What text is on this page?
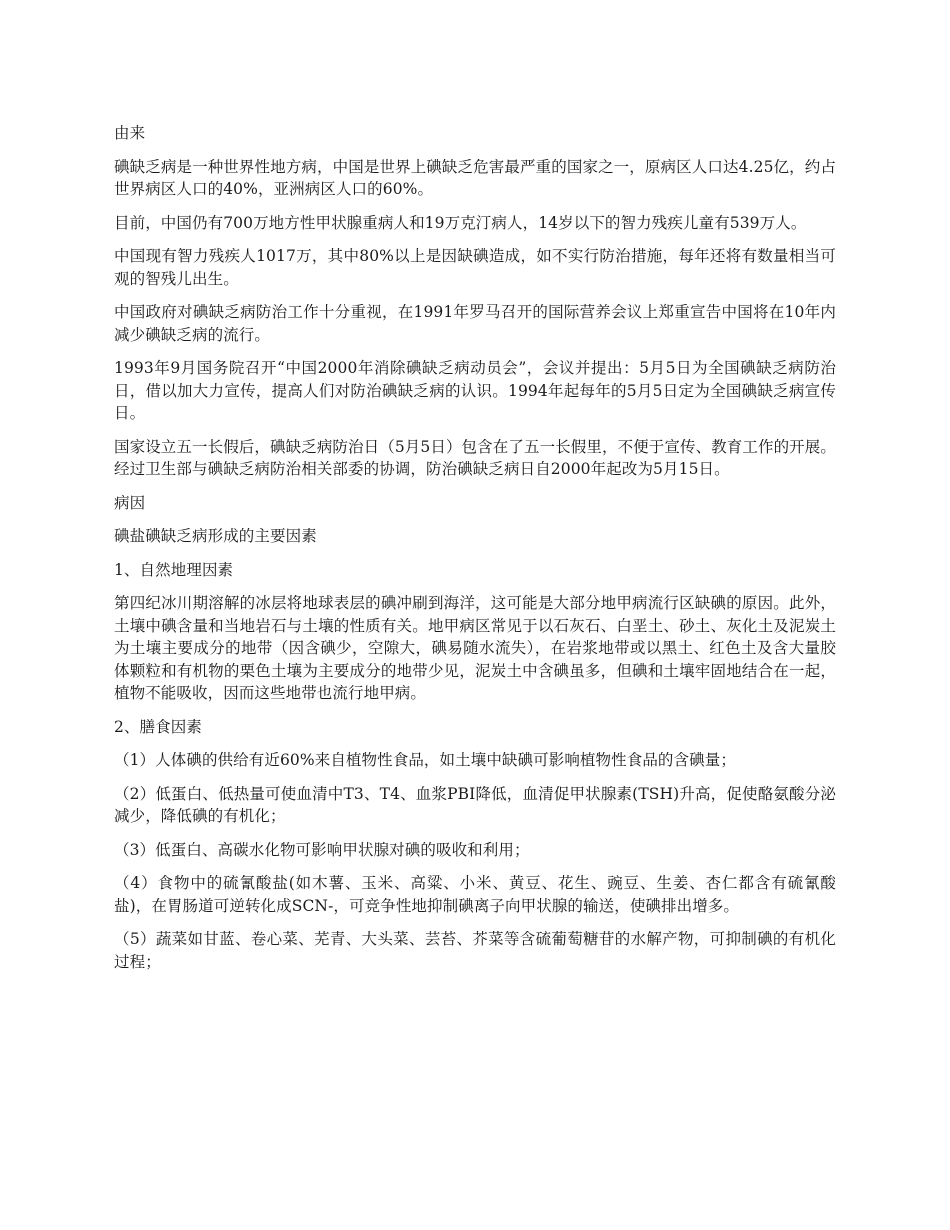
由来

碘缺乏病是一种世界性地方病，中国是世界上碘缺乏危害最严重的国家之一，原病区人口达4.25亿，约占世界病区人口的40%，亚洲病区人口的60%。

目前，中国仍有700万地方性甲状腺重病人和19万克汀病人，14岁以下的智力残疾儿童有539万人。

中国现有智力残疾人1017万，其中80%以上是因缺碘造成，如不实行防治措施，每年还将有数量相当可观的智残儿出生。

中国政府对碘缺乏病防治工作十分重视，在1991年罗马召开的国际营养会议上郑重宣告中国将在10年内减少碘缺乏病的流行。

1993年9月国务院召开“中国2000年消除碘缺乏病动员会”，会议并提出：5月5日为全国碘缺乏病防治日，借以加大力宣传，提高人们对防治碘缺乏病的认识。1994年起每年的5月5日定为全国碘缺乏病宣传日。

国家设立五一长假后，碘缺乏病防治日（5月5日）包含在了五一长假里，不便于宣传、教育工作的开展。经过卫生部与碘缺乏病防治相关部委的协调，防治碘缺乏病日自2000年起改为5月15日。

病因

碘盐碘缺乏病形成的主要因素

1、自然地理因素

第四纪冰川期溶解的冰层将地球表层的碘冲刷到海洋，这可能是大部分地甲病流行区缺碘的原因。此外，土壤中碘含量和当地岩石与土壤的性质有关。地甲病区常见于以石灰石、白垩土、砂土、灰化土及泥炭土为土壤主要成分的地带（因含碘少，空隙大，碘易随水流失），在岩浆地带或以黑土、红色土及含大量胶体颗粒和有机物的栗色土壤为主要成分的地带少见，泥炭土中含碘虽多，但碘和土壤牢固地结合在一起，植物不能吸收，因而这些地带也流行地甲病。

2、膳食因素

（1）人体碘的供给有近60%来自植物性食品，如土壤中缺碘可影响植物性食品的含碘量；

（2）低蛋白、低热量可使血清中T3、T4、血浆PBI降低，血清促甲状腺素(TSH)升高，促使酪氨酸分泌减少，降低碘的有机化；

（3）低蛋白、高碳水化物可影响甲状腺对碘的吸收和利用；

（4）食物中的硫氰酸盐(如木薯、玉米、高粱、小米、黄豆、花生、豌豆、生姜、杏仁都含有硫氰酸盐)，在胃肠道可逆转化成SCN-，可竞争性地抑制碘离子向甲状腺的输送，使碘排出增多。

（5）蔬菜如甘蓝、卷心菜、芜青、大头菜、芸苔、芥菜等含硫葡萄糖苷的水解产物，可抑制碘的有机化过程；
